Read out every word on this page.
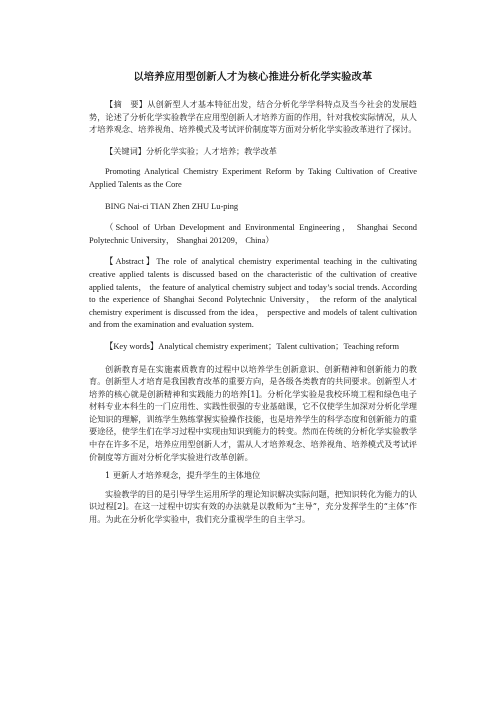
以培养应用型创新人才为核心推进分析化学实验改革

【摘　要】从创新型人才基本特征出发，结合分析化学学科特点及当今社会的发展趋势，论述了分析化学实验教学在应用型创新人才培养方面的作用，针对我校实际情况，从人才培养观念、培养视角、培养模式及考试评价制度等方面对分析化学实验改革进行了探讨。

【关键词】分析化学实验；人才培养；教学改革

Promoting Analytical Chemistry Experiment Reform by Taking Cultivation of Creative Applied Talents as the Core

BING Nai-ci TIAN Zhen ZHU Lu-ping

（School of Urban Development and Environmental Engineering， Shanghai Second Polytechnic University， Shanghai 201209， China）

【Abstract】The role of analytical chemistry experimental teaching in the cultivating creative applied talents is discussed based on the characteristic of the cultivation of creative applied talents， the feature of analytical chemistry subject and today’s social trends. According to the experience of Shanghai Second Polytechnic University， the reform of the analytical chemistry experiment is discussed from the idea， perspective and models of talent cultivation and from the examination and evaluation system.

【Key words】Analytical chemistry experiment；Talent cultivation；Teaching reform

创新教育是在实施素质教育的过程中以培养学生创新意识、创新精神和创新能力的教育。创新型人才培育是我国教育改革的重要方向，是各级各类教育的共同要求。创新型人才培养的核心就是创新精神和实践能力的培养[1]。分析化学实验是我校环境工程和绿色电子材料专业本科生的一门应用性、实践性很强的专业基础课，它不仅使学生加深对分析化学理论知识的理解，训练学生熟练掌握实验操作技能，也是培养学生的科学态度和创新能力的重要途径，使学生们在学习过程中实现由知识到能力的转变。然而在传统的分析化学实验教学中存在许多不足，培养应用型创新人才，需从人才培养观念、培养视角、培养模式及考试评价制度等方面对分析化学实验进行改革创新。

1 更新人才培养观念，提升学生的主体地位

实验教学的目的是引导学生运用所学的理论知识解决实际问题，把知识转化为能力的认识过程[2]。在这一过程中切实有效的办法就是以教师为“主导”，充分发挥学生的“主体”作用。为此在分析化学实验中，我们充分重视学生的自主学习。
